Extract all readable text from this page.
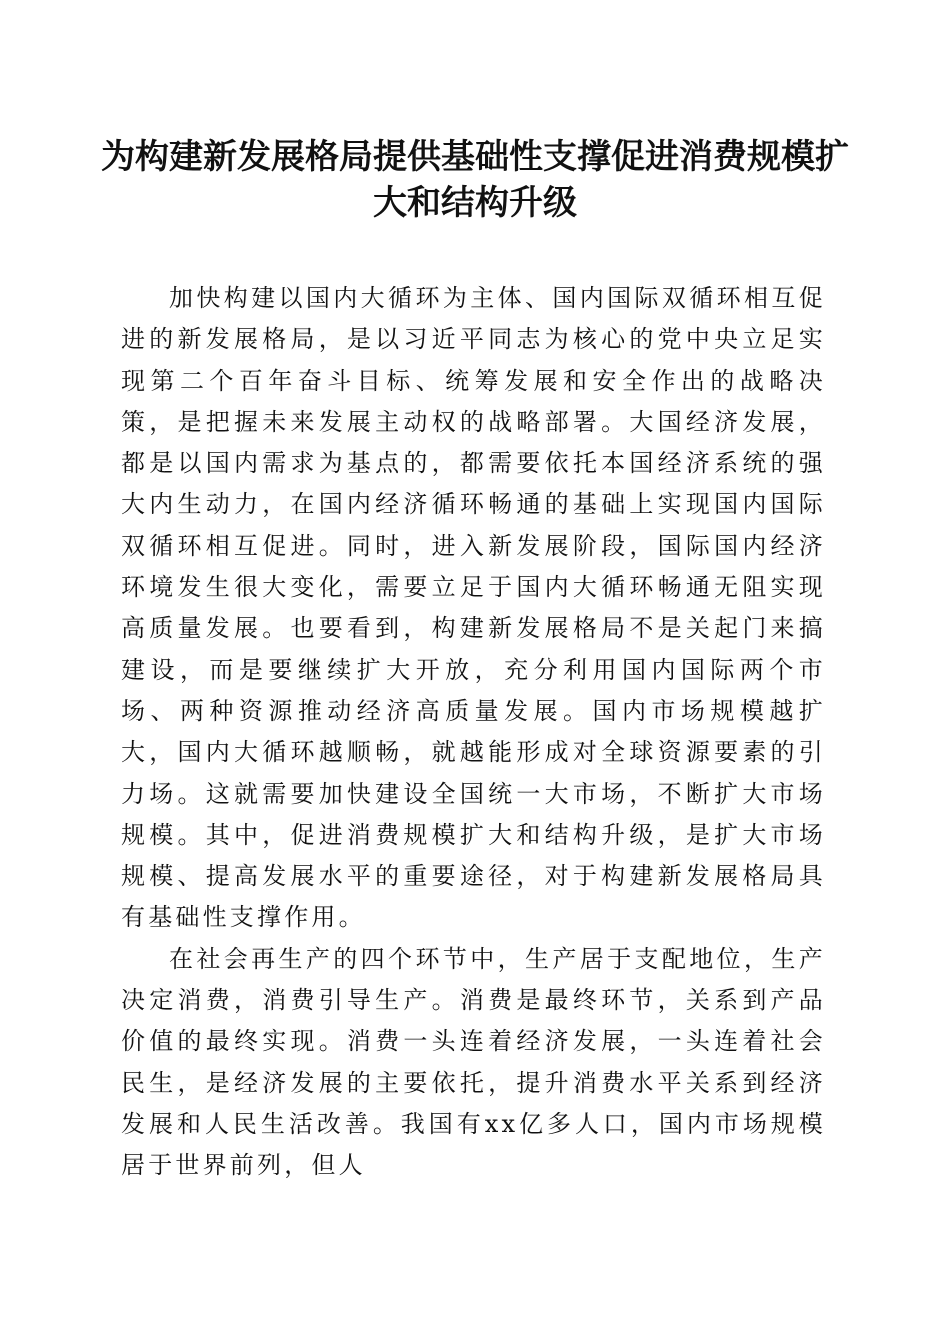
为构建新发展格局提供基础性支撑促进消费规模扩大和结构升级

加快构建以国内大循环为主体、国内国际双循环相互促进的新发展格局，是以习近平同志为核心的党中央立足实现第二个百年奋斗目标、统筹发展和安全作出的战略决策，是把握未来发展主动权的战略部署。大国经济发展，都是以国内需求为基点的，都需要依托本国经济系统的强大内生动力，在国内经济循环畅通的基础上实现国内国际双循环相互促进。同时，进入新发展阶段，国际国内经济环境发生很大变化，需要立足于国内大循环畅通无阻实现高质量发展。也要看到，构建新发展格局不是关起门来搞建设，而是要继续扩大开放，充分利用国内国际两个市场、两种资源推动经济高质量发展。国内市场规模越扩大，国内大循环越顺畅，就越能形成对全球资源要素的引力场。这就需要加快建设全国统一大市场，不断扩大市场规模。其中，促进消费规模扩大和结构升级，是扩大市场规模、提高发展水平的重要途径，对于构建新发展格局具有基础性支撑作用。

在社会再生产的四个环节中，生产居于支配地位，生产决定消费，消费引导生产。消费是最终环节，关系到产品价值的最终实现。消费一头连着经济发展，一头连着社会民生，是经济发展的主要依托，提升消费水平关系到经济发展和人民生活改善。我国有xx亿多人口，国内市场规模居于世界前列，但人
